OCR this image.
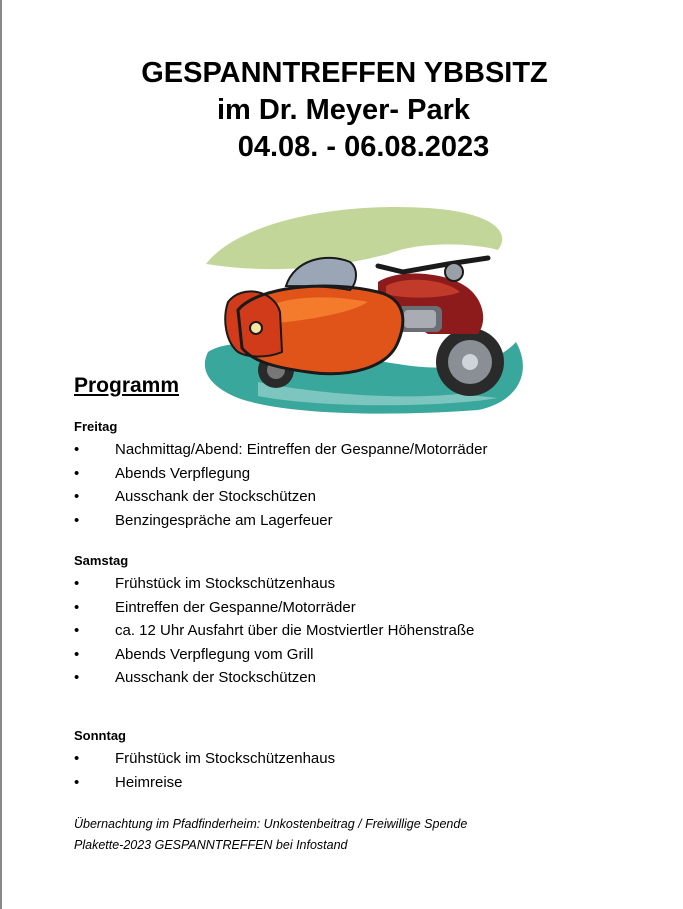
GESPANNTREFFEN YBBSITZ
im Dr. Meyer- Park
04.08. - 06.08.2023
Programm
Freitag
• Nachmittag/Abend: Eintreffen der Gespanne/Motorräder
• Abends Verpflegung
• Ausschank der Stockschützen
• Benzingespräche am Lagerfeuer
Samstag
• Frühstück im Stockschützenhaus
• Eintreffen der Gespanne/Motorräder
• ca. 12 Uhr Ausfahrt über die Mostviertler Höhenstraße
• Abends Verpflegung vom Grill
• Ausschank der Stockschützen
Sonntag
• Frühstück im Stockschützenhaus
• Heimreise
Übernachtung im Pfadfinderheim: Unkostenbeitrag / Freiwillige Spende
Plakette-2023 GESPANNTREFFEN bei Infostand
